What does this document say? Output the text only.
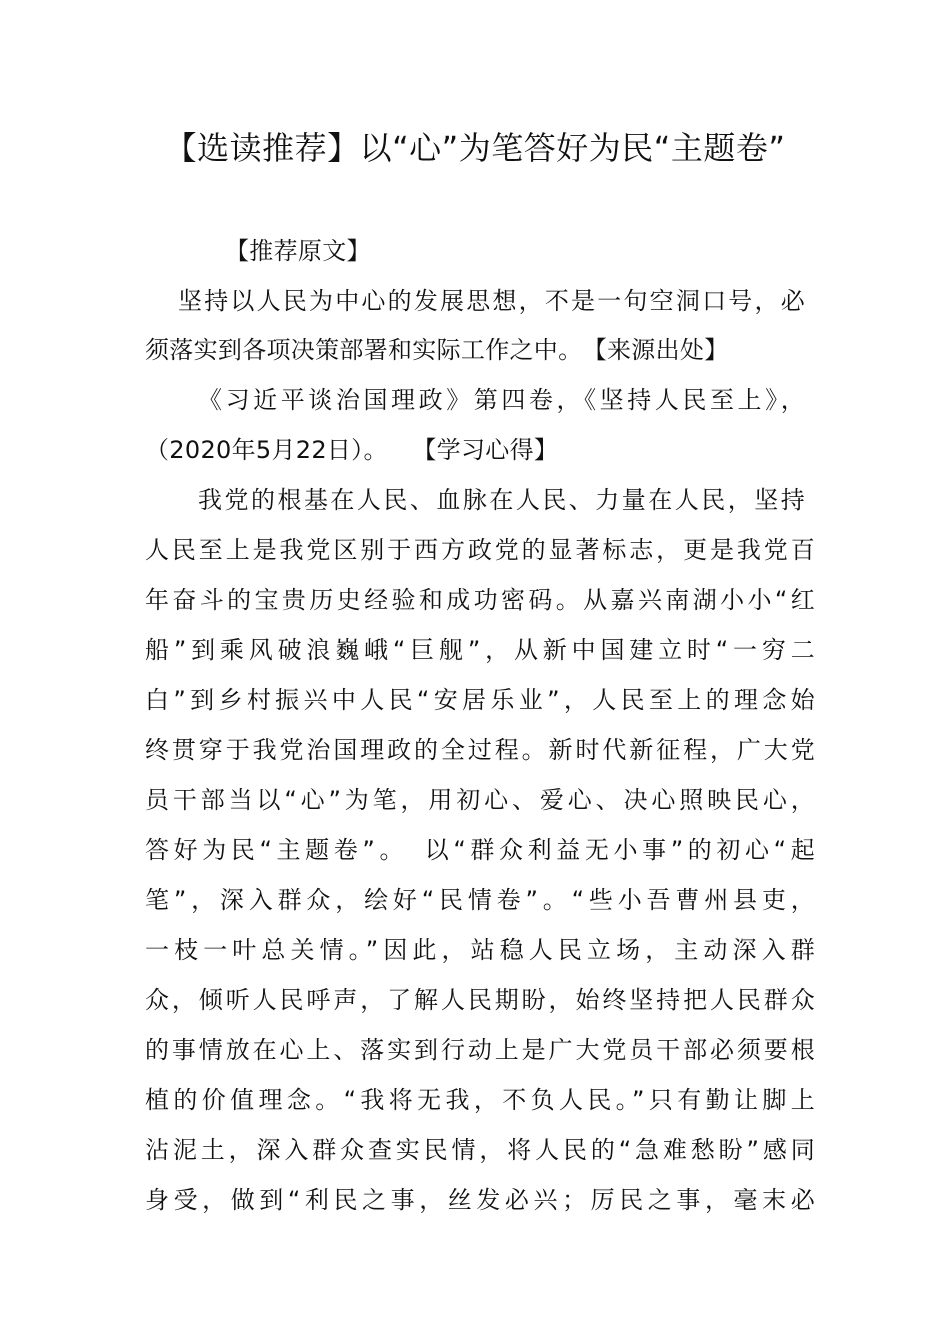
【选读推荐】以“心”为笔答好为民“主题卷”
【推荐原文】
坚持以人民为中心的发展思想，不是一句空洞口号，必
须落实到各项决策部署和实际工作之中。　【来源出处】
《习近平谈治国理政》第四卷，《坚持人民至上》，
（2020年5月22日）。　　【学习心得】
我党的根基在人民、血脉在人民、力量在人民，坚持
人民至上是我党区别于西方政党的显著标志，更是我党百
年奋斗的宝贵历史经验和成功密码。从嘉兴南湖小小“红
船”到乘风破浪巍峨“巨舰”，从新中国建立时“一穷二
白”到乡村振兴中人民“安居乐业”，人民至上的理念始
终贯穿于我党治国理政的全过程。新时代新征程，广大党
员干部当以“心”为笔，用初心、爱心、决心照映民心，
答好为民“主题卷”。　以“群众利益无小事”的初心“起
笔”，深入群众，绘好“民情卷”。“些小吾曹州县吏，
一枝一叶总关情。”因此，站稳人民立场，主动深入群
众，倾听人民呼声，了解人民期盼，始终坚持把人民群众
的事情放在心上、落实到行动上是广大党员干部必须要根
植的价值理念。“我将无我，不负人民。”只有勤让脚上
沾泥土，深入群众查实民情，将人民的“急难愁盼”感同
身受，做到“利民之事，丝发必兴；厉民之事，毫末必
